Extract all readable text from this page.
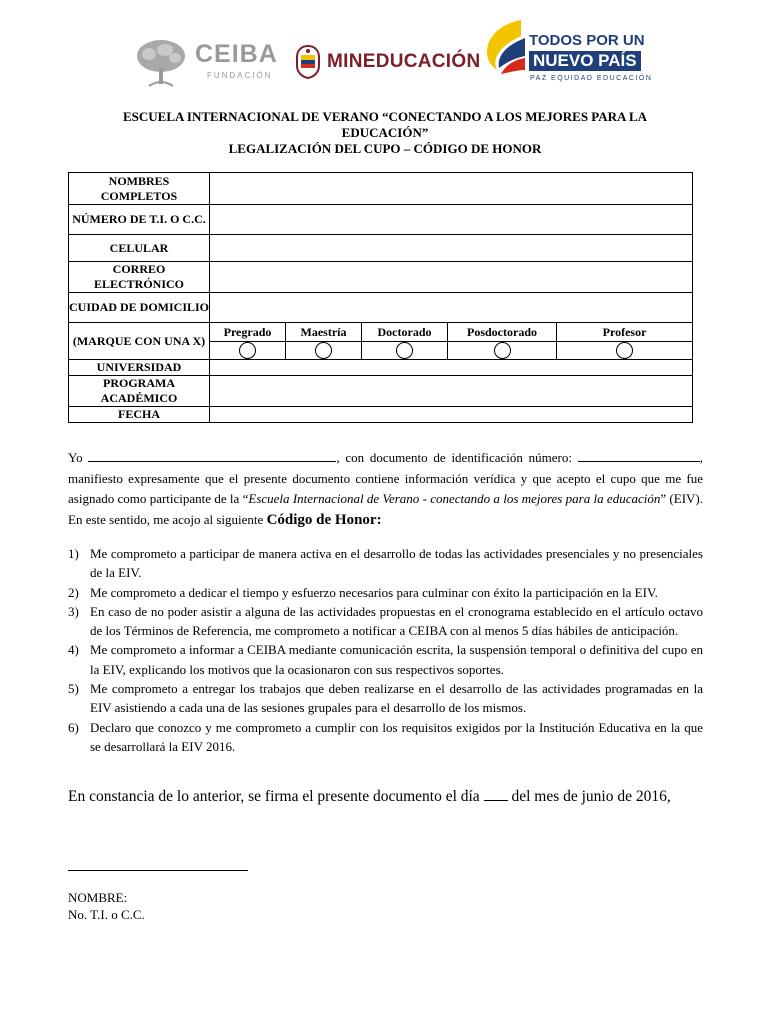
CEIBA
FUNDACIÓN
MINEDUCACIÓN
TODOS POR UN
NUEVO PAÍS
PAZ EQUIDAD EDUCACIÓN
ESCUELA INTERNACIONAL DE VERANO “CONECTANDO A LOS MEJORES PARA LA
EDUCACIÓN”
LEGALIZACIÓN DEL CUPO – CÓDIGO DE HONOR
NOMBRES COMPLETOS					
NÚMERO DE T.I. O C.C.					
CELULAR					
CORREO ELECTRÓNICO					
CUIDAD DE DOMICILIO					
(MARQUE CON UNA X)	Pregrado	Maestría	Doctorado	Posdoctorado	Profesor

UNIVERSIDAD					
PROGRAMA ACADÉMICO					
FECHA					
Yo	, con documento de identificación número:	, manifiesto expresamente que el presente documento contiene información verídica y que acepto el cupo que me fue asignado como participante de la “Escuela Internacional de Verano - conectando a los mejores para la educación” (EIV). En este sentido, me acojo al siguiente Código de Honor:
1) Me comprometo a participar de manera activa en el desarrollo de todas las actividades presenciales y no presenciales de la EIV.
2) Me comprometo a dedicar el tiempo y esfuerzo necesarios para culminar con éxito la participación en la EIV.
3) En caso de no poder asistir a alguna de las actividades propuestas en el cronograma establecido en el artículo octavo de los Términos de Referencia, me comprometo a notificar a CEIBA con al menos 5 días hábiles de anticipación.
4) Me comprometo a informar a CEIBA mediante comunicación escrita, la suspensión temporal o definitiva del cupo en la EIV, explicando los motivos que la ocasionaron con sus respectivos soportes.
5) Me comprometo a entregar los trabajos que deben realizarse en el desarrollo de las actividades programadas en la EIV asistiendo a cada una de las sesiones grupales para el desarrollo de los mismos.
6) Declaro que conozco y me comprometo a cumplir con los requisitos exigidos por la Institución Educativa en la que se desarrollará la EIV 2016.
En constancia de lo anterior, se firma el presente documento el día del mes de junio de 2016,
NOMBRE:
No. T.I. o C.C.
